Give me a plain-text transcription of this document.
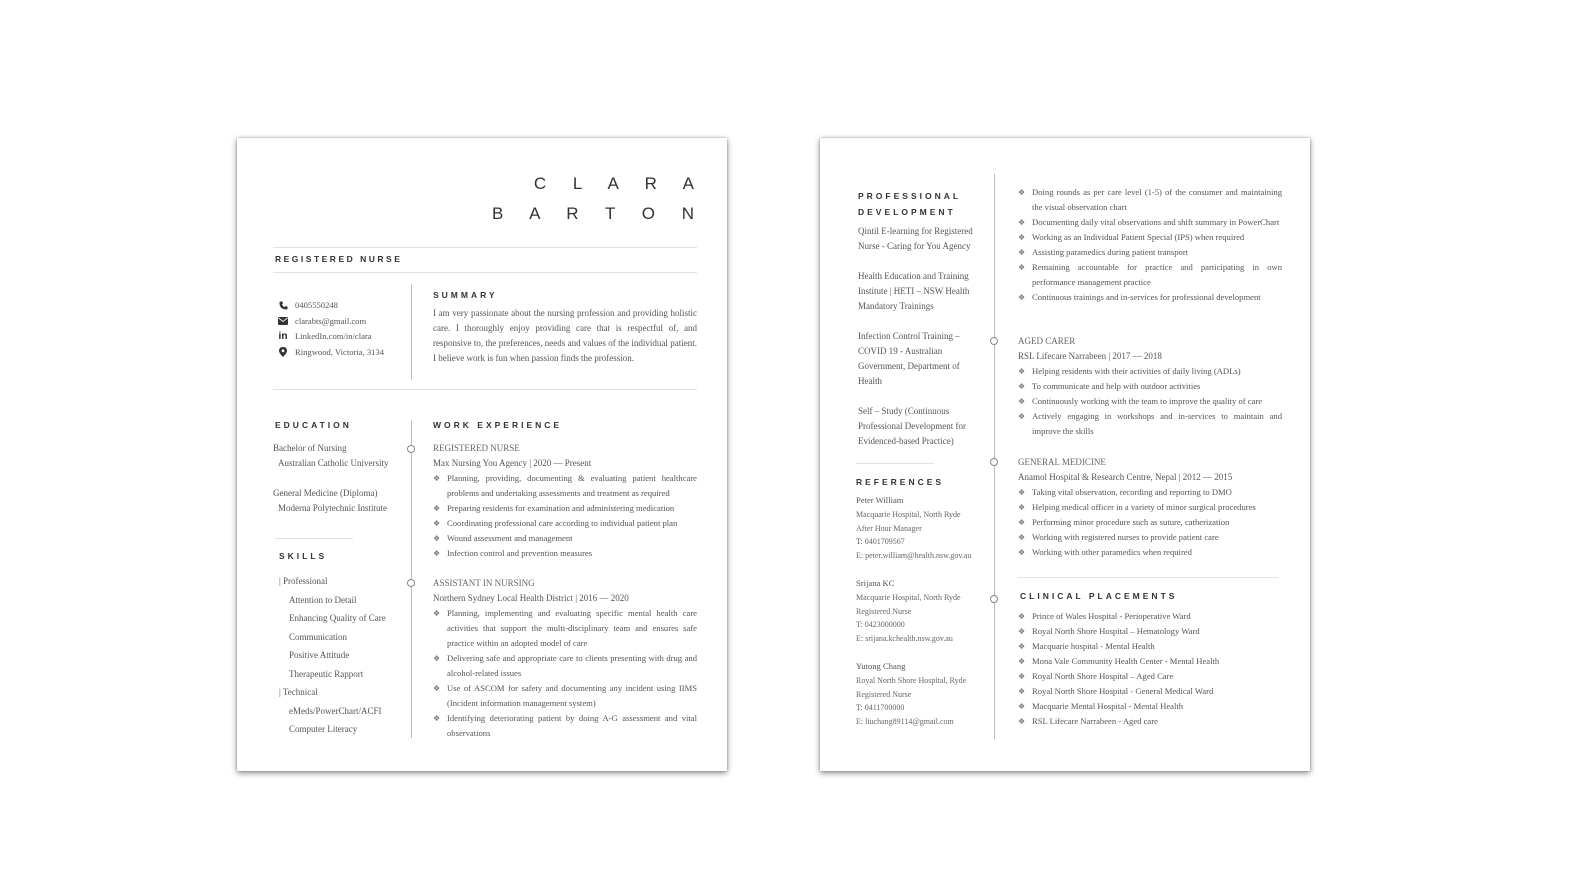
C L A R A
B A R T O N
REGISTERED NURSE
0405550248
clarabts@gmail.com
in LinkedIn.com/in/clara
Ringwood, Victoria, 3134
SUMMARY
I am very passionate about the nursing profession and providing holistic care. I thoroughly enjoy providing care that is respectful of, and responsive to, the preferences, needs and values of the individual patient. I believe work is fun when passion finds the profession.
EDUCATION
Bachelor of Nursing
Australian Catholic University
General Medicine (Diploma)
Moderna Polytechnic Institute
SKILLS
| Professional
Attention to Detail
Enhancing Quality of Care
Communication
Positive Attitude
Therapeutic Rapport
| Technical
eMeds/PowerChart/ACFI
Computer Literacy
WORK EXPERIENCE
REGISTERED NURSE
Max Nursing You Agency | 2020 — Present
❖ Planning, providing, documenting & evaluating patient healthcare problems and undertaking assessments and treatment as required
❖ Preparing residents for examination and administering medication
❖ Coordinating professional care according to individual patient plan
❖ Wound assessment and management
❖ Infection control and prevention measures
ASSISTANT IN NURSING
Northern Sydney Local Health District | 2016 — 2020
❖ Planning, implementing and evaluating specific mental health care activities that support the multi-disciplinary team and ensures safe practice within an adopted model of care
❖ Delivering safe and appropriate care to clients presenting with drug and alcohol-related issues
❖ Use of ASCOM for safety and documenting any incident using IIMS (Incident information management system)
❖ Identifying deteriorating patient by doing A-G assessment and vital observations
PROFESSIONAL
DEVELOPMENT
Qintil E-learning for Registered Nurse - Caring for You Agency
Health Education and Training Institute | HETI – NSW Health Mandatory Trainings
Infection Control Training – COVID 19 - Australian Government, Department of Health
Self – Study (Continuous Professional Development for Evidenced-based Practice)
REFERENCES
Peter William
Macquarie Hospital, North Ryde
After Hour Manager
T: 0401709567
E: peter.william@health.nsw.gov.au
Srijana KC
Macquarie Hospital, North Ryde
Registered Nurse
T: 0423000000
E: srijana.kchealth.nsw.gov.au
Yutong Chang
Royal North Shore Hospital, Ryde
Registered Nurse
T: 0411700000
E: liuchang89114@gmail.com
❖ Doing rounds as per care level (1-5) of the consumer and maintaining the visual observation chart
❖ Documenting daily vital observations and shift summary in PowerChart
❖ Working as an Individual Patient Special (IPS) when required
❖ Assisting paramedics during patient transport
❖ Remaining accountable for practice and participating in own performance management practice
❖ Continuous trainings and in-services for professional development
AGED CARER
RSL Lifecare Narrabeen | 2017 — 2018
❖ Helping residents with their activities of daily living (ADLs)
❖ To communicate and help with outdoor activities
❖ Continuously working with the team to improve the quality of care
❖ Actively engaging in workshops and in-services to maintain and improve the skills
GENERAL MEDICINE
Anamol Hospital & Research Centre, Nepal | 2012 — 2015
❖ Taking vital observation, recording and reporting to DMO
❖ Helping medical officer in a variety of minor surgical procedures
❖ Performing minor procedure such as suture, catherization
❖ Working with registered nurses to provide patient care
❖ Working with other paramedics when required
CLINICAL PLACEMENTS
❖ Prince of Wales Hospital - Perioperative Ward
❖ Royal North Shore Hospital – Hematology Ward
❖ Macquarie hospital - Mental Health
❖ Mona Vale Community Health Center - Mental Health
❖ Royal North Shore Hospital – Aged Care
❖ Royal North Shore Hospital - General Medical Ward
❖ Macquarie Mental Hospital - Mental Health
❖ RSL Lifecare Narrabeen - Aged care
